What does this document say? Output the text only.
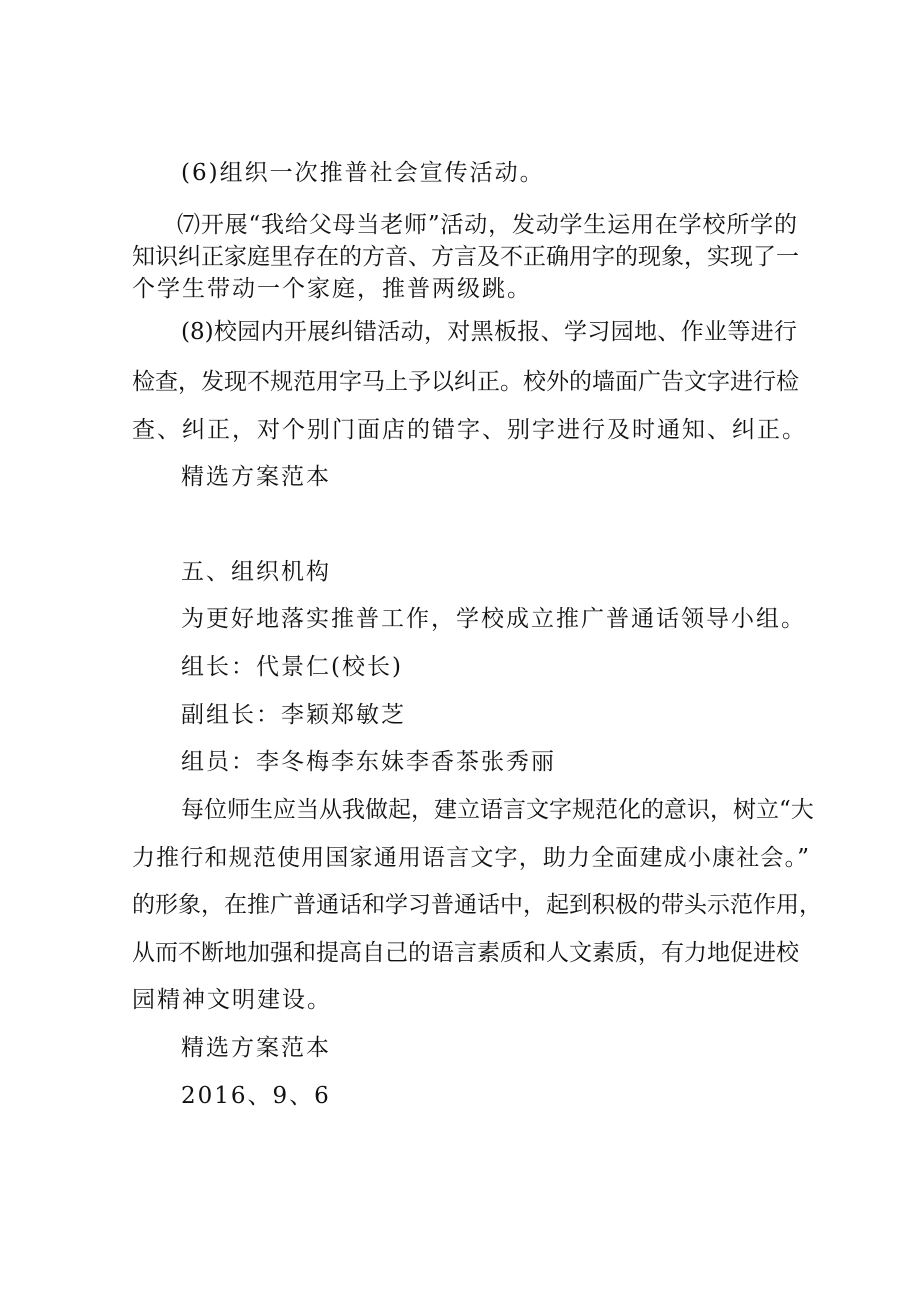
(6)组织一次推普社会宣传活动。

⑺开展“我给父母当老师”活动，发动学生运用在学校所学的

知识纠正家庭里存在的方音、方言及不正确用字的现象，实现了一

个学生带动一个家庭，推普两级跳。

(8)校园内开展纠错活动，对黑板报、学习园地、作业等进行

检查，发现不规范用字马上予以纠正。校外的墙面广告文字进行检

查、纠正，对个别门面店的错字、别字进行及时通知、纠正。

精选方案范本

五、组织机构

为更好地落实推普工作，学校成立推广普通话领导小组。

组长：代景仁(校长)

副组长：李颖郑敏芝

组员：李冬梅李东妹李香茶张秀丽

每位师生应当从我做起，建立语言文字规范化的意识，树立“大

力推行和规范使用国家通用语言文字，助力全面建成小康社会。”

的形象，在推广普通话和学习普通话中，起到积极的带头示范作用，

从而不断地加强和提高自己的语言素质和人文素质，有力地促进校

园精神文明建设。

精选方案范本

2016、9、6
